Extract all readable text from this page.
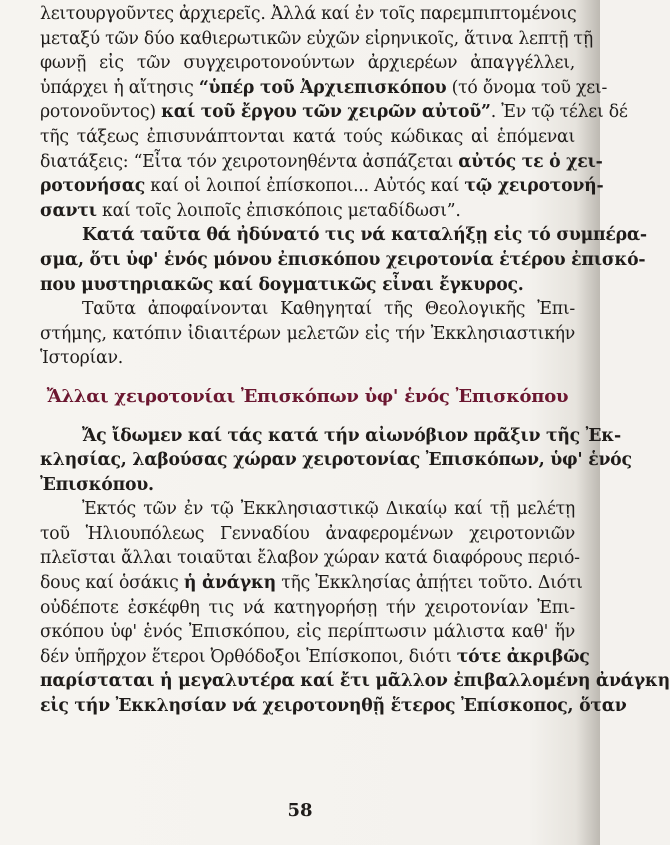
λειτουργοῦντες ἀρχιερεῖς. Ἀλλά καί ἐν τοῖς παρεμπιπτομένοις
μεταξύ τῶν δύο καθιερωτικῶν εὐχῶν εἰρηνικοῖς, ἅτινα λεπτῇ τῇ
φωνῇ εἰς τῶν συγχειροτονούντων ἀρχιερέων ἀπαγγέλλει,
ὑπάρχει ἡ αἴτησις “ὑπέρ τοῦ Ἀρχιεπισκόπου (τό ὄνομα τοῦ χει-
ροτονοῦντος) καί τοῦ ἔργου τῶν χειρῶν αὐτοῦ”. Ἐν τῷ τέλει δέ
τῆς τάξεως ἐπισυνάπτονται κατά τούς κώδικας αἱ ἑπόμεναι
διατάξεις: “Εἶτα τόν χειροτονηθέντα ἀσπάζεται αὐτός τε ὁ χει-
ροτονήσας καί οἱ λοιποί ἐπίσκοποι... Αὐτός καί τῷ χειροτονή-
σαντι καί τοῖς λοιποῖς ἐπισκόποις μεταδίδωσι”.
Κατά ταῦτα θά ἠδύνατό τις νά καταλήξῃ εἰς τό συμπέρα-
σμα, ὅτι ὑφ' ἑνός μόνου ἐπισκόπου χειροτονία ἑτέρου ἐπισκό-
που μυστηριακῶς καί δογματικῶς εἶναι ἔγκυρος.
Ταῦτα ἀποφαίνονται Καθηγηταί τῆς Θεολογικῆς Ἐπι-
στήμης, κατόπιν ἰδιαιτέρων μελετῶν εἰς τήν Ἐκκλησιαστικήν
Ἱστορίαν.
Ἄλλαι χειροτονίαι Ἐπισκόπων ὑφ' ἑνός Ἐπισκόπου
Ἄς ἴδωμεν καί τάς κατά τήν αἰωνόβιον πρᾶξιν τῆς Ἐκ-
κλησίας, λαβούσας χώραν χειροτονίας Ἐπισκόπων, ὑφ' ἑνός
Ἐπισκόπου.
Ἐκτός τῶν ἐν τῷ Ἐκκλησιαστικῷ Δικαίῳ καί τῇ μελέτῃ
τοῦ Ἡλιουπόλεως Γενναδίου ἀναφερομένων χειροτονιῶν
πλεῖσται ἄλλαι τοιαῦται ἔλαβον χώραν κατά διαφόρους περιό-
δους καί ὁσάκις ἡ ἀνάγκη τῆς Ἐκκλησίας ἀπῄτει τοῦτο. Διότι
οὐδέποτε ἐσκέφθη τις νά κατηγορήσῃ τήν χειροτονίαν Ἐπι-
σκόπου ὑφ' ἑνός Ἐπισκόπου, εἰς περίπτωσιν μάλιστα καθ' ἥν
δέν ὑπῆρχον ἕτεροι Ὀρθόδοξοι Ἐπίσκοποι, διότι τότε ἀκριβῶς
παρίσταται ἡ μεγαλυτέρα καί ἔτι μᾶλλον ἐπιβαλλομένη ἀνάγκη
εἰς τήν Ἐκκλησίαν νά χειροτονηθῇ ἕτερος Ἐπίσκοπος, ὅταν
58
